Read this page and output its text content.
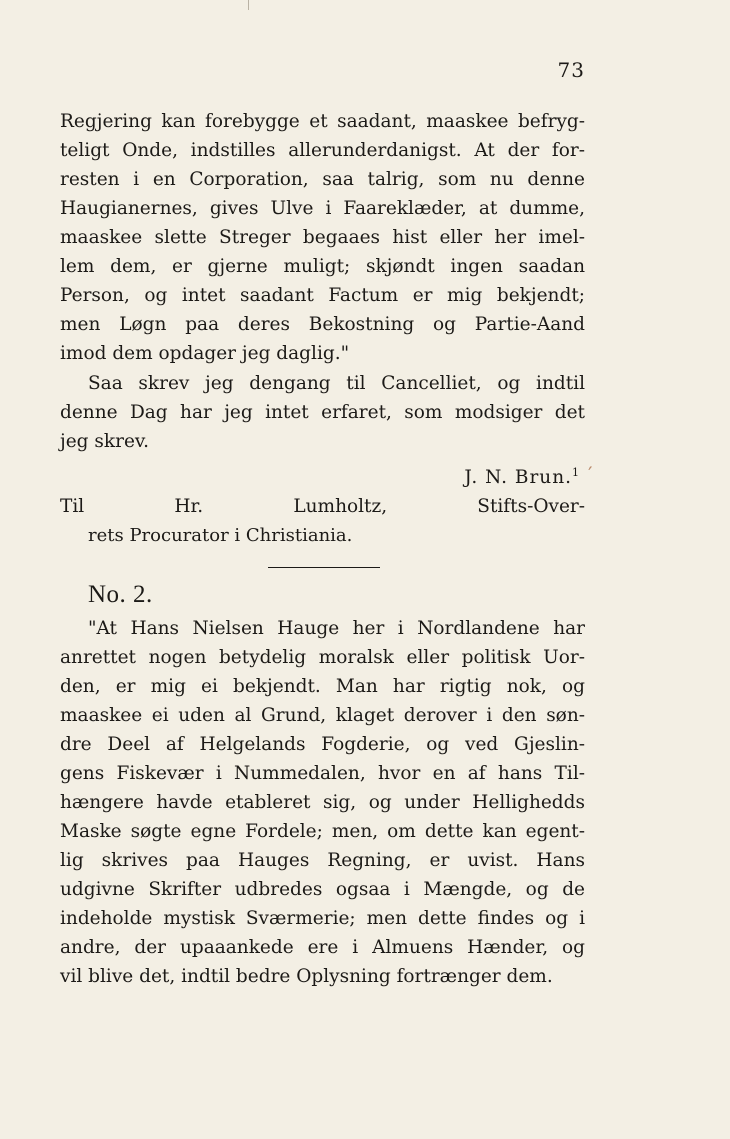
73
Regjering kan forebygge et saadant, maaskee befryg-
teligt Onde, indstilles allerunderdanigst. At der for-
resten i en Corporation, saa talrig, som nu denne
Haugianernes, gives Ulve i Faareklæder, at dumme,
maaskee slette Streger begaaes hist eller her imel-
lem dem, er gjerne muligt; skjøndt ingen saadan
Person, og intet saadant Factum er mig bekjendt;
men Løgn paa deres Bekostning og Partie-Aand
imod dem opdager jeg daglig."
Saa skrev jeg dengang til Cancelliet, og indtil
denne Dag har jeg intet erfaret, som modsiger det
jeg skrev.
J. N. Brun.$^1$ ′
Til Hr. Lumholtz, Stifts-Over-
rets Procurator i Christiania.
No. 2.
"At Hans Nielsen Hauge her i Nordlandene har
anrettet nogen betydelig moralsk eller politisk Uor-
den, er mig ei bekjendt. Man har rigtig nok, og
maaskee ei uden al Grund, klaget derover i den søn-
dre Deel af Helgelands Fogderie, og ved Gjeslin-
gens Fiskevær i Nummedalen, hvor en af hans Til-
hængere havde etableret sig, og under Hellighedds
Maske søgte egne Fordele; men, om dette kan egent-
lig skrives paa Hauges Regning, er uvist. Hans
udgivne Skrifter udbredes ogsaa i Mængde, og de
indeholde mystisk Sværmerie; men dette findes og i
andre, der upaaankede ere i Almuens Hænder, og
vil blive det, indtil bedre Oplysning fortrænger dem.
